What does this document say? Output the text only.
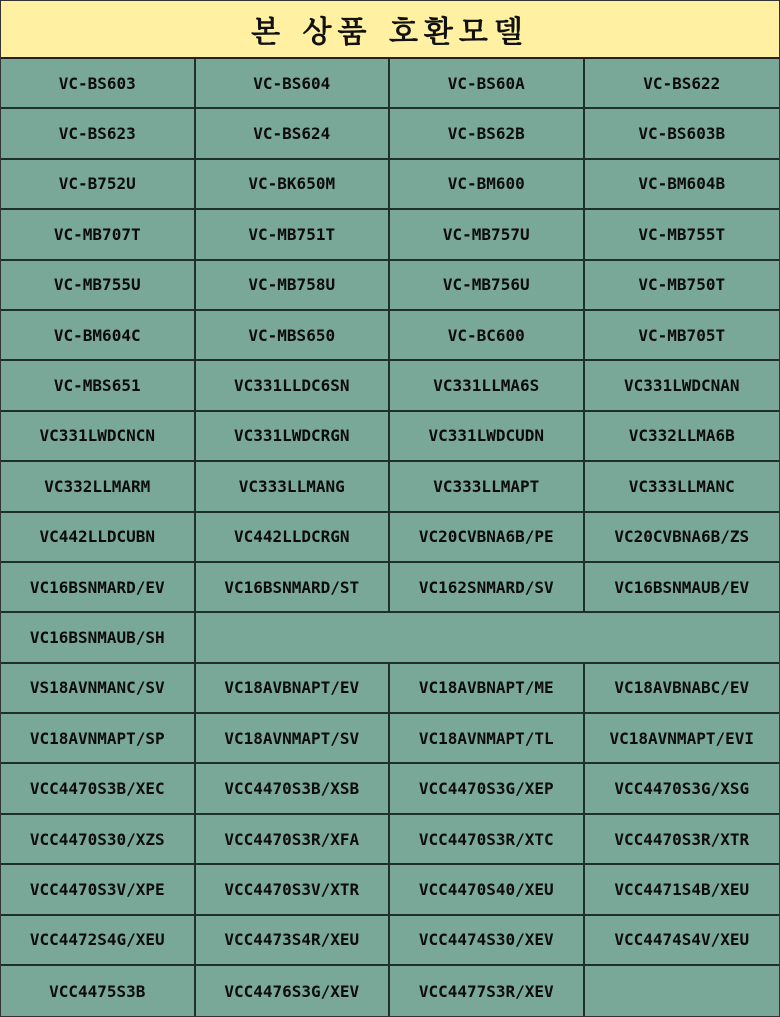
본 상품 호환모델
VC-BS603	VC-BS604	VC-BS60A	VC-BS622
VC-BS623	VC-BS624	VC-BS62B	VC-BS603B
VC-B752U	VC-BK650M	VC-BM600	VC-BM604B
VC-MB707T	VC-MB751T	VC-MB757U	VC-MB755T
VC-MB755U	VC-MB758U	VC-MB756U	VC-MB750T
VC-BM604C	VC-MBS650	VC-BC600	VC-MB705T
VC-MBS651	VC331LLDC6SN	VC331LLMA6S	VC331LWDCNAN
VC331LWDCNCN	VC331LWDCRGN	VC331LWDCUDN	VC332LLMA6B
VC332LLMARM	VC333LLMANG	VC333LLMAPT	VC333LLMANC
VC442LLDCUBN	VC442LLDCRGN	VC20CVBNA6B/PE	VC20CVBNA6B/ZS
VC16BSNMARD/EV	VC16BSNMARD/ST	VC162SNMARD/SV	VC16BSNMAUB/EV
VC16BSNMAUB/SH
VS18AVNMANC/SV	VC18AVBNAPT/EV	VC18AVBNAPT/ME	VC18AVBNABC/EV
VC18AVNMAPT/SP	VC18AVNMAPT/SV	VC18AVNMAPT/TL	VC18AVNMAPT/EVI
VCC4470S3B/XEC	VCC4470S3B/XSB	VCC4470S3G/XEP	VCC4470S3G/XSG
VCC4470S30/XZS	VCC4470S3R/XFA	VCC4470S3R/XTC	VCC4470S3R/XTR
VCC4470S3V/XPE	VCC4470S3V/XTR	VCC4470S40/XEU	VCC4471S4B/XEU
VCC4472S4G/XEU	VCC4473S4R/XEU	VCC4474S30/XEV	VCC4474S4V/XEU
VCC4475S3B	VCC4476S3G/XEV	VCC4477S3R/XEV
